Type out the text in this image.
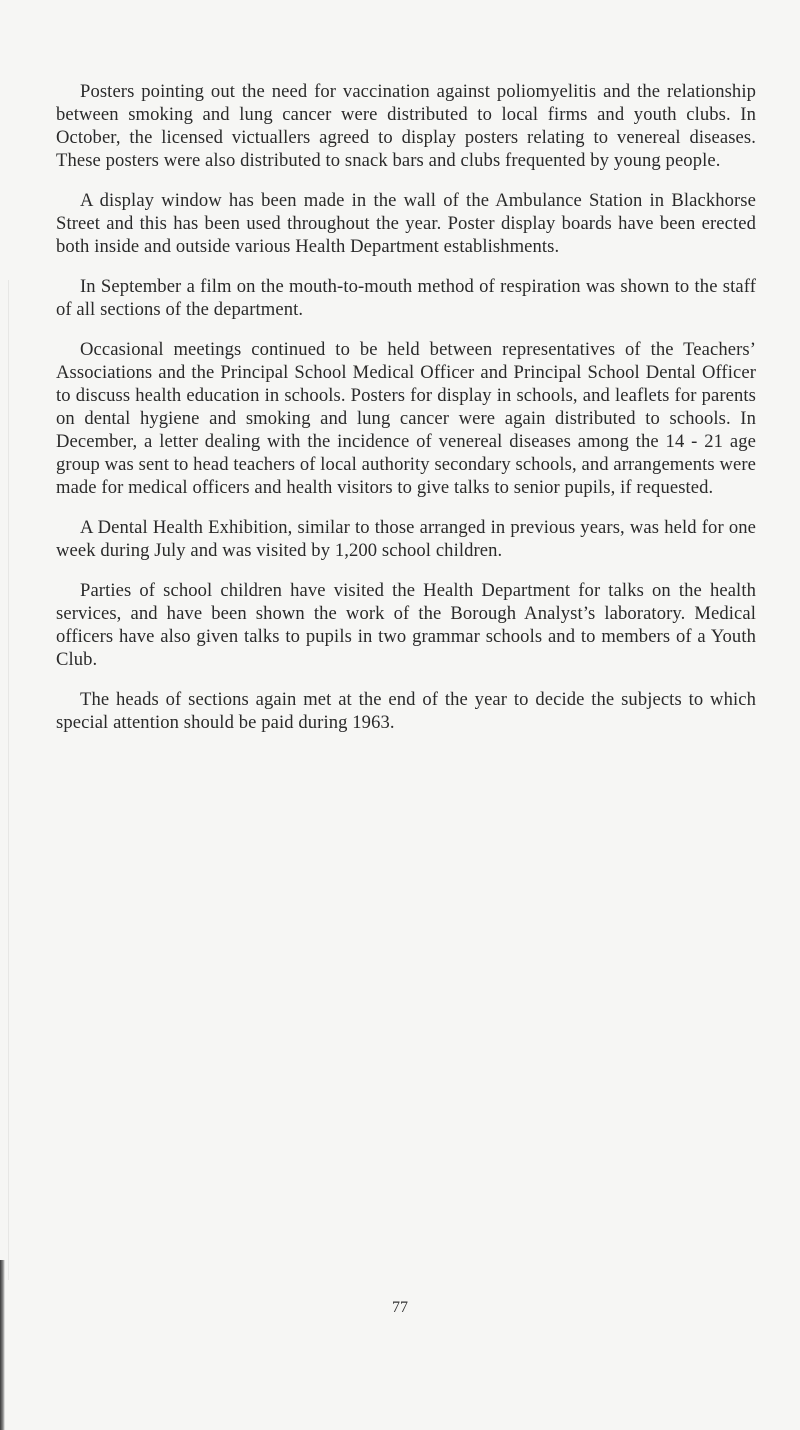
Posters pointing out the need for vaccination against poliomyelitis and the relationship between smoking and lung cancer were distributed to local firms and youth clubs. In October, the licensed victuallers agreed to display posters relating to venereal diseases. These posters were also distributed to snack bars and clubs frequented by young people.

A display window has been made in the wall of the Ambulance Station in Blackhorse Street and this has been used throughout the year. Poster display boards have been erected both inside and outside various Health Department establishments.

In September a film on the mouth-to-mouth method of respiration was shown to the staff of all sections of the department.

Occasional meetings continued to be held between representatives of the Teachers’ Associations and the Principal School Medical Officer and Principal School Dental Officer to discuss health education in schools. Posters for display in schools, and leaflets for parents on dental hygiene and smoking and lung cancer were again distributed to schools. In December, a letter dealing with the incidence of venereal diseases among the 14 - 21 age group was sent to head teachers of local authority secondary schools, and arrangements were made for medical officers and health visitors to give talks to senior pupils, if requested.

A Dental Health Exhibition, similar to those arranged in previous years, was held for one week during July and was visited by 1,200 school children.

Parties of school children have visited the Health Department for talks on the health services, and have been shown the work of the Borough Analyst’s laboratory. Medical officers have also given talks to pupils in two grammar schools and to members of a Youth Club.

The heads of sections again met at the end of the year to decide the subjects to which special attention should be paid during 1963.

77
